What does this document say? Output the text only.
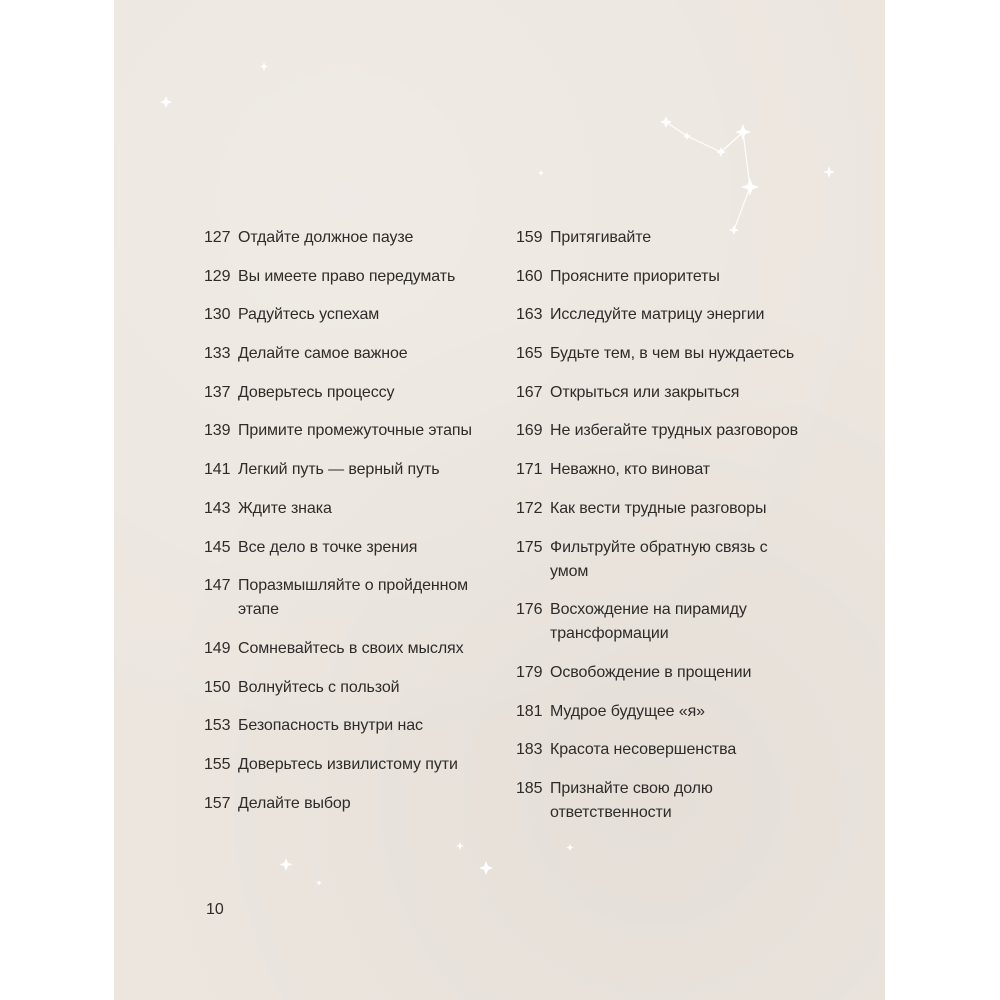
127 Отдайте должное паузе
129 Вы имеете право передумать
130 Радуйтесь успехам
133 Делайте самое важное
137 Доверьтесь процессу
139 Примите промежуточные этапы
141 Легкий путь — верный путь
143 Ждите знака
145 Все дело в точке зрения
147 Поразмышляйте о пройденном этапе
149 Сомневайтесь в своих мыслях
150 Волнуйтесь с пользой
153 Безопасность внутри нас
155 Доверьтесь извилистому пути
157 Делайте выбор
159 Притягивайте
160 Проясните приоритеты
163 Исследуйте матрицу энергии
165 Будьте тем, в чем вы нуждаетесь
167 Открыться или закрыться
169 Не избегайте трудных разговоров
171 Неважно, кто виноват
172 Как вести трудные разговоры
175 Фильтруйте обратную связь с умом
176 Восхождение на пирамиду трансформации
179 Освобождение в прощении
181 Мудрое будущее «я»
183 Красота несовершенства
185 Признайте свою долю ответственности
10
